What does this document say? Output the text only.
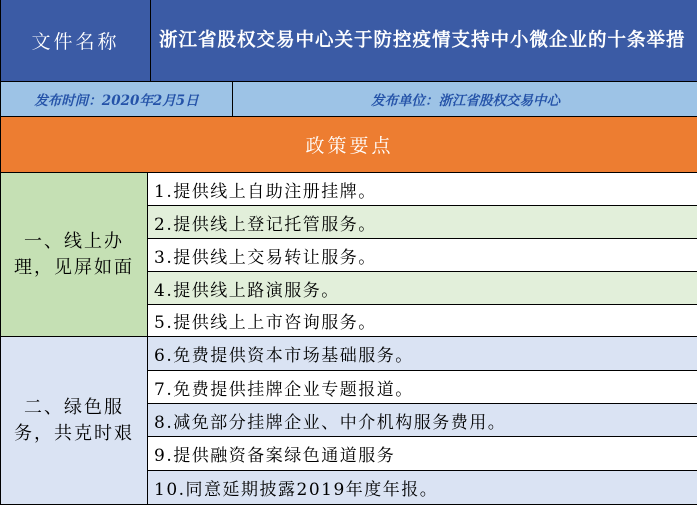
文件名称	浙江省股权交易中心关于防控疫情支持中小微企业的十条举措
发布时间：2020年2月5日	发布单位：浙江省股权交易中心
政策要点
一、线上办理，见屏如面
1.提供线上自助注册挂牌。
2.提供线上登记托管服务。
3.提供线上交易转让服务。
4.提供线上路演服务。
5.提供线上上市咨询服务。
二、绿色服务，共克时艰
6.免费提供资本市场基础服务。
7.免费提供挂牌企业专题报道。
8.减免部分挂牌企业、中介机构服务费用。
9.提供融资备案绿色通道服务
10.同意延期披露2019年度年报。
